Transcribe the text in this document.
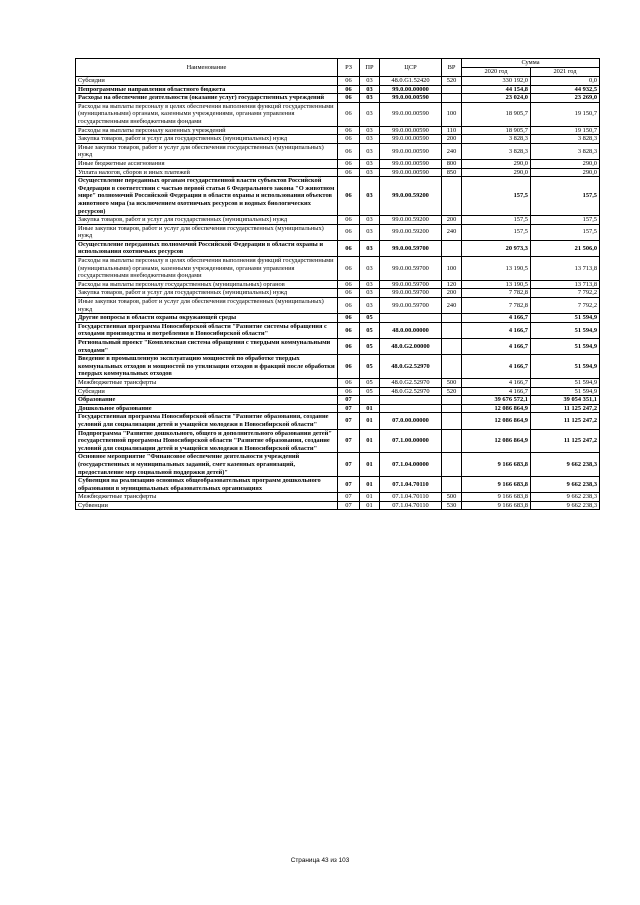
Наименование	РЗ	ПР	ЦСР	ВР	Сумма	
					2020 год	2021 год
Субсидии	06	03	48.0.G1.52420	520	330 192,0	0,0
Непрограммные направления областного бюджета	06	03	99.0.00.00000		44 154,8	44 932,5
Расходы на обеспечение деятельности (оказание услуг) государственных учреждений	06	03	99.0.00.00590		23 024,0	23 269,0
Расходы на выплаты персоналу в целях обеспечения выполнения функций государственными (муниципальными) органами, казенными учреждениями, органами управления государственными внебюджетными фондами	06	03	99.0.00.00590	100	18 905,7	19 150,7
Расходы на выплаты персоналу казенных учреждений	06	03	99.0.00.00590	110	18 905,7	19 150,7
Закупка товаров, работ и услуг для государственных (муниципальных) нужд	06	03	99.0.00.00590	200	3 828,3	3 828,3
Иные закупки товаров, работ и услуг для обеспечения государственных (муниципальных) нужд	06	03	99.0.00.00590	240	3 828,3	3 828,3
Иные бюджетные ассигнования	06	03	99.0.00.00590	800	290,0	290,0
Уплата налогов, сборов и иных платежей	06	03	99.0.00.00590	850	290,0	290,0
Осуществление переданных органам государственной власти субъектов Российской Федерации в соответствии с частью первой статьи 6 Федерального закона "О животном мире" полномочий Российской Федерации в области охраны и использования объектов животного мира (за исключением охотничьих ресурсов и водных биологических ресурсов)	06	03	99.0.00.59200		157,5	157,5
Закупка товаров, работ и услуг для государственных (муниципальных) нужд	06	03	99.0.00.59200	200	157,5	157,5
Иные закупки товаров, работ и услуг для обеспечения государственных (муниципальных) нужд	06	03	99.0.00.59200	240	157,5	157,5
Осуществление переданных полномочий Российской Федерации в области охраны и использования охотничьих ресурсов	06	03	99.0.00.59700		20 973,3	21 506,0
Расходы на выплаты персоналу в целях обеспечения выполнения функций государственными (муниципальными) органами, казенными учреждениями, органами управления государственными внебюджетными фондами	06	03	99.0.00.59700	100	13 190,5	13 713,8
Расходы на выплаты персоналу государственных (муниципальных) органов	06	03	99.0.00.59700	120	13 190,5	13 713,8
Закупка товаров, работ и услуг для государственных (муниципальных) нужд	06	03	99.0.00.59700	200	7 782,8	7 792,2
Иные закупки товаров, работ и услуг для обеспечения государственных (муниципальных) нужд	06	03	99.0.00.59700	240	7 782,8	7 792,2
Другие вопросы в области охраны окружающей среды	06	05			4 166,7	51 594,9
Государственная программа Новосибирской области "Развитие системы обращения с отходами производства и потребления в Новосибирской области"	06	05	48.0.00.00000		4 166,7	51 594,9
Региональный проект "Комплексная система обращения с твердыми коммунальными отходами"	06	05	48.0.G2.00000		4 166,7	51 594,9
Введение в промышленную эксплуатацию мощностей по обработке твердых коммунальных отходов и мощностей по утилизации отходов и фракций после обработки твердых коммунальных отходов	06	05	48.0.G2.52970		4 166,7	51 594,9
Межбюджетные трансферты	06	05	48.0.G2.52970	500	4 166,7	51 594,9
Субсидии	06	05	48.0.G2.52970	520	4 166,7	51 594,9
Образование	07				39 676 572,1	39 054 351,1
Дошкольное образование	07	01			12 086 864,9	11 125 247,2
Государственная программа Новосибирской области "Развитие образования, создание условий для социализации детей и учащейся молодежи в Новосибирской области"	07	01	07.0.00.00000		12 086 864,9	11 125 247,2
Подпрограмма "Развитие дошкольного, общего и дополнительного образования детей" государственной программы Новосибирской области "Развитие образования, создание условий для социализации детей и учащейся молодежи в Новосибирской области"	07	01	07.1.00.00000		12 086 864,9	11 125 247,2
Основное мероприятие "Финансовое обеспечение деятельности учреждений (государственных и муниципальных заданий, смет казенных организаций, предоставление мер социальной поддержки детей)"	07	01	07.1.04.00000		9 166 683,8	9 662 238,3
Субвенция на реализацию основных общеобразовательных программ дошкольного образования в муниципальных образовательных организациях	07	01	07.1.04.70110		9 166 683,8	9 662 238,3
Межбюджетные трансферты	07	01	07.1.04.70110	500	9 166 683,8	9 662 238,3
Субвенции	07	01	07.1.04.70110	530	9 166 683,8	9 662 238,3
Страница 43 из 103
